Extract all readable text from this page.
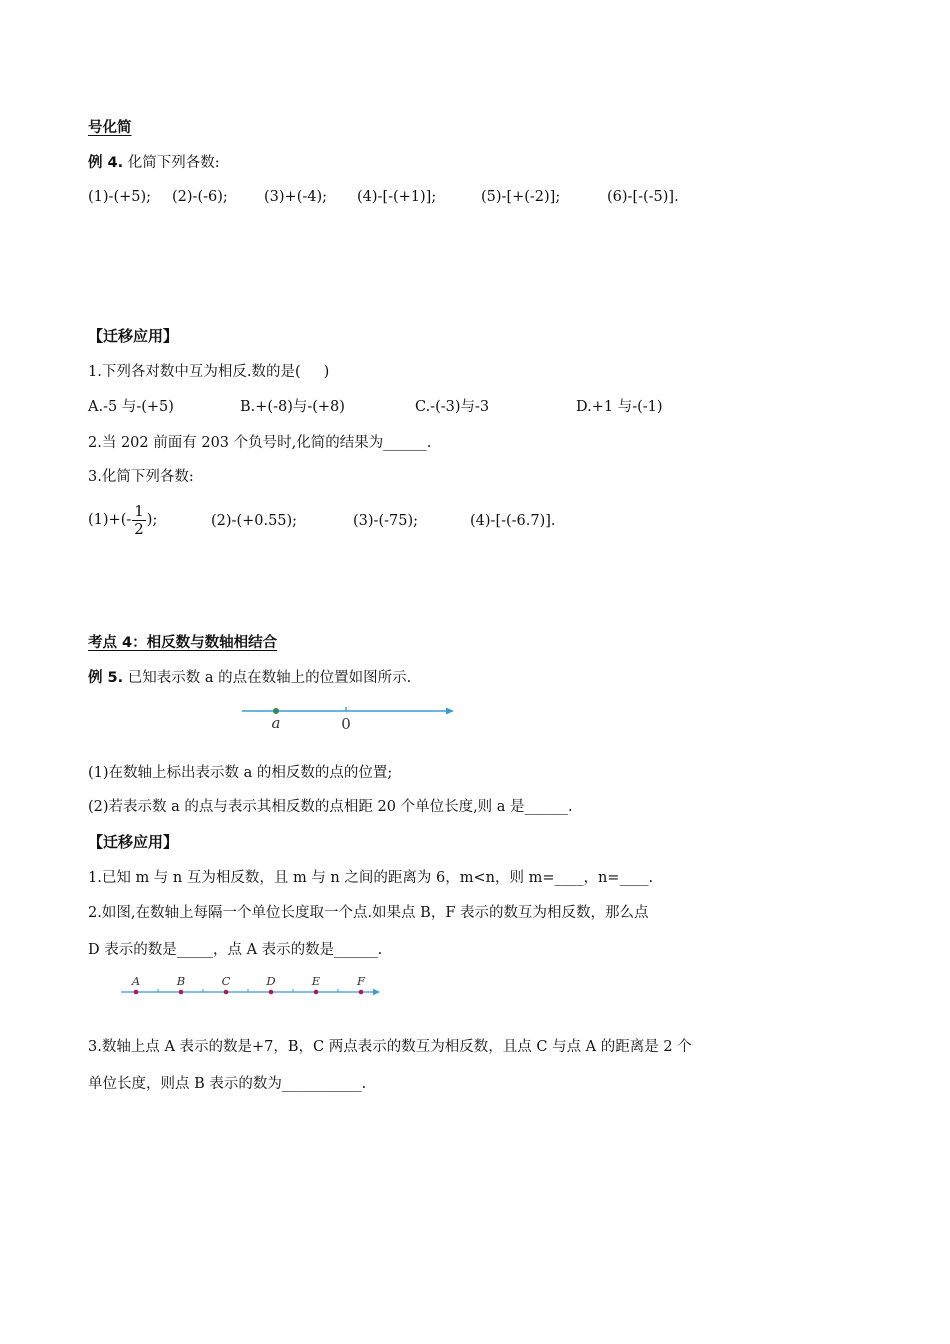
号化简
例 4. 化简下列各数:
(1)-(+5); (2)-(-6); (3)+(-4); (4)-[-(+1)];	(5)-[+(-2)];	(6)-[-(-5)].
【迁移应用】
1.下列各对数中互为相反.数的是(     )
A.-5 与-(+5)	B.+(-8)与-(+8)	C.-(-3)与-3	D.+1 与-(-1)
2.当 202 前面有 203 个负号时,化简的结果为______.
3.化简下列各数:
$(1)+(- \frac{1}{2}$ );	(2)-(+0.55);	(3)-(-75);	(4)-[-(-6.7)].
考点 4：相反数与数轴相结合
例 5. 已知表示数 a 的点在数轴上的位置如图所示.
a	0
(1)在数轴上标出表示数 a 的相反数的点的位置;
(2)若表示数 a 的点与表示其相反数的点相距 20 个单位长度,则 a 是______.
【迁移应用】
1.已知 m 与 n 互为相反数，且 m 与 n 之间的距离为 6，m<n，则 m=____，n=____.
2.如图,在数轴上每隔一个单位长度取一个点.如果点 B，F 表示的数互为相反数，那么点
D 表示的数是_____，点 A 表示的数是______.
A	B	C	D	E	F
3.数轴上点 A 表示的数是+7，B，C 两点表示的数互为相反数，且点 C 与点 A 的距离是 2 个
单位长度，则点 B 表示的数为___________.
